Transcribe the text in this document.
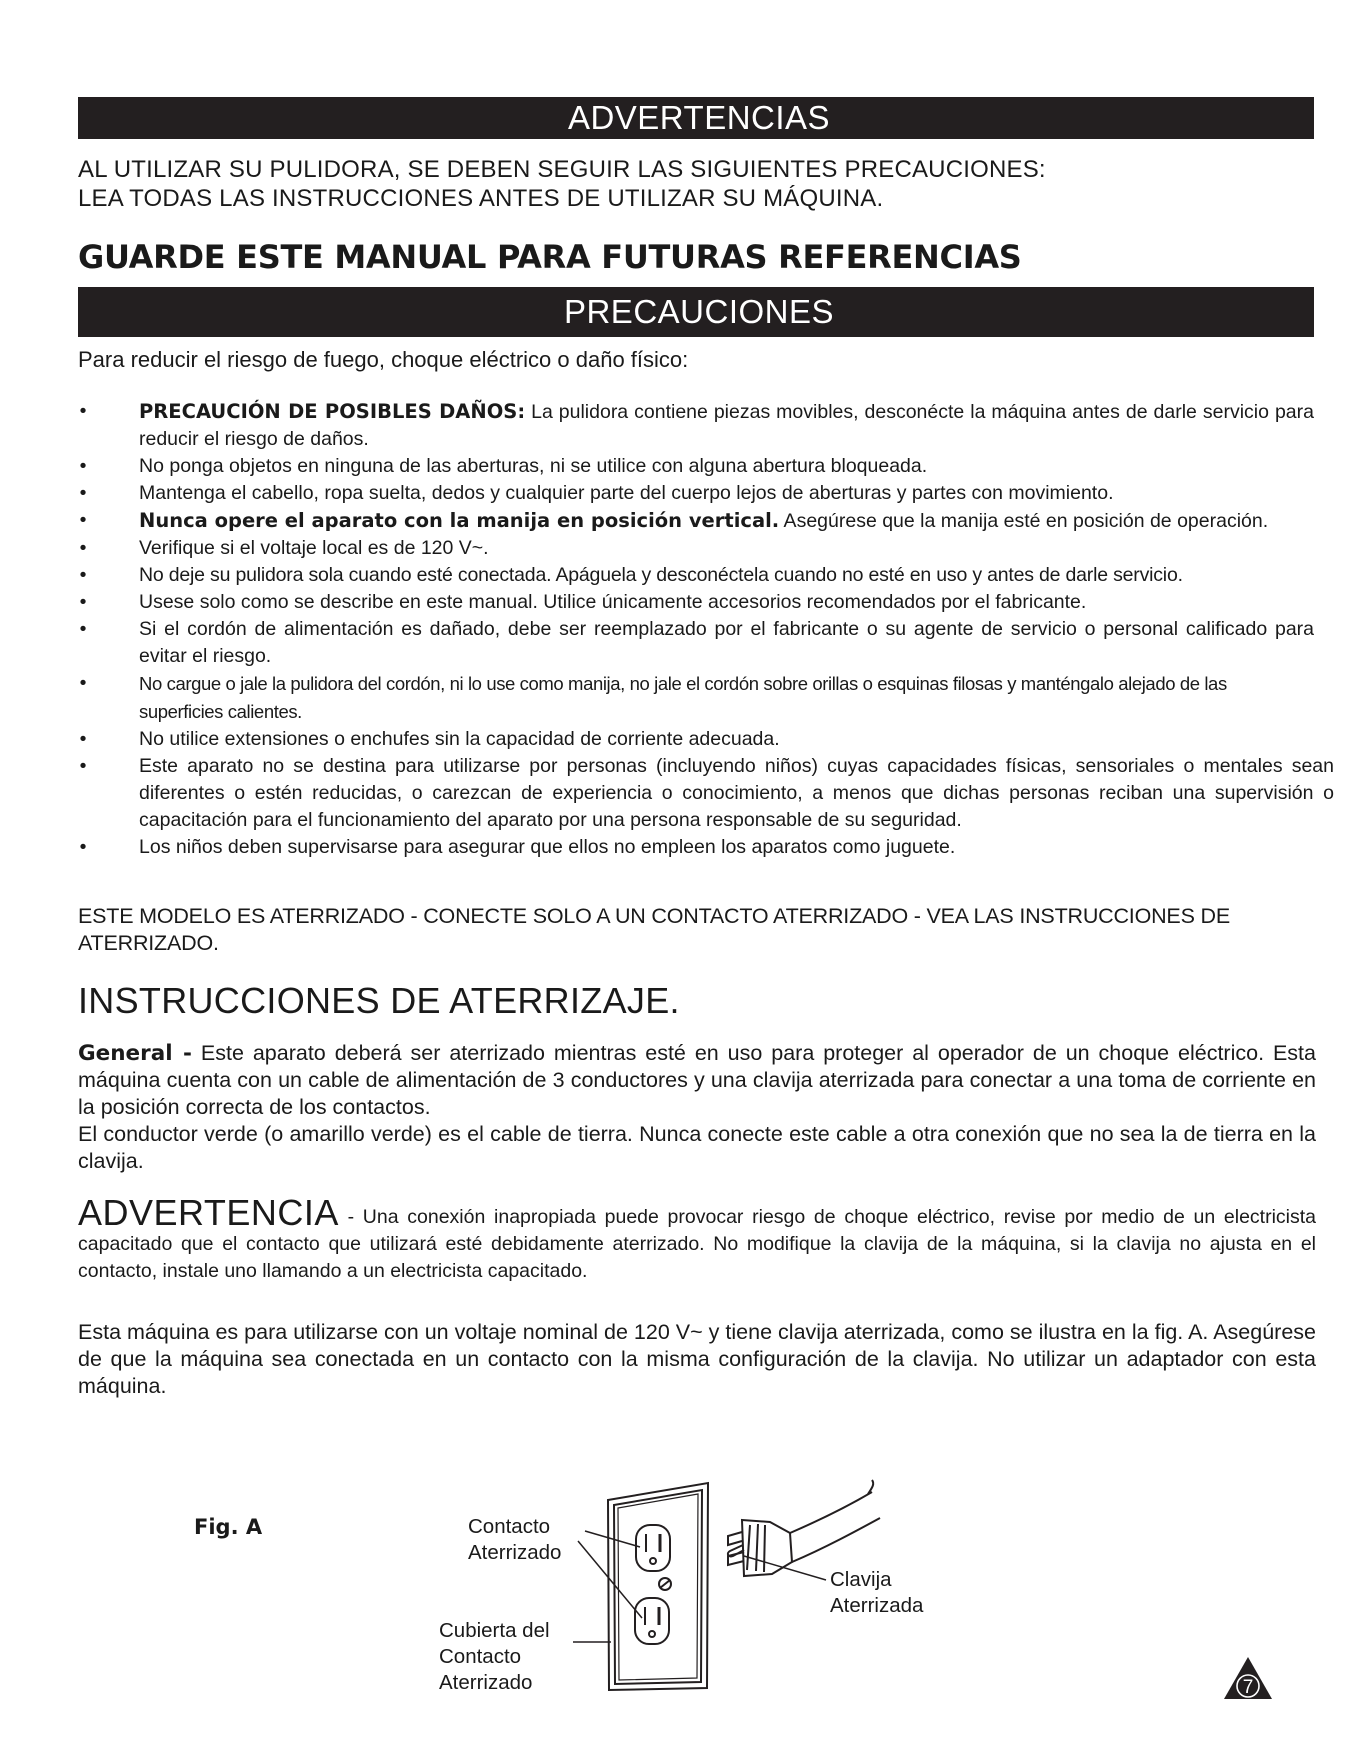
ADVERTENCIAS
AL UTILIZAR SU PULIDORA, SE DEBEN SEGUIR LAS SIGUIENTES PRECAUCIONES:
LEA TODAS LAS INSTRUCCIONES ANTES DE UTILIZAR SU MÁQUINA.
GUARDE ESTE MANUAL PARA FUTURAS REFERENCIAS
PRECAUCIONES
Para reducir el riesgo de fuego, choque eléctrico o daño físico:
•	PRECAUCIÓN DE POSIBLES DAÑOS: La pulidora contiene piezas movibles, desconécte la máquina antes de darle servicio para reducir el riesgo de daños.
•	No ponga objetos en ninguna de las aberturas, ni se utilice con alguna abertura bloqueada.
•	Mantenga el cabello, ropa suelta, dedos y cualquier parte del cuerpo lejos de aberturas y partes con movimiento.
•	Nunca opere el aparato con la manija en posición vertical. Asegúrese que la manija esté en posición de operación.
•	Verifique si el voltaje local es de 120 V~.
•	No deje su pulidora sola cuando esté conectada. Apáguela y desconéctela cuando no esté en uso y antes de darle servicio.
•	Usese solo como se describe en este manual. Utilice únicamente accesorios recomendados por el fabricante.
•	Si el cordón de alimentación es dañado, debe ser reemplazado por el fabricante o su agente de servicio o personal calificado para evitar el riesgo.
•	No cargue o jale la pulidora del cordón, ni lo use como manija, no jale el cordón sobre orillas o esquinas filosas y manténgalo alejado de las superficies calientes.
•	No utilice extensiones o enchufes sin la capacidad de corriente adecuada.
•	Este aparato no se destina para utilizarse por personas (incluyendo niños) cuyas capacidades físicas, sensoriales o mentales sean diferentes o estén reducidas, o carezcan de experiencia o conocimiento, a menos que dichas personas reciban una supervisión o capacitación para el funcionamiento del aparato por una persona responsable de su seguridad.
•	Los niños deben supervisarse para asegurar que ellos no empleen los aparatos como juguete.
ESTE MODELO ES ATERRIZADO - CONECTE SOLO A UN CONTACTO ATERRIZADO - VEA LAS INSTRUCCIONES DE ATERRIZADO.
INSTRUCCIONES DE ATERRIZAJE.
General - Este aparato deberá ser aterrizado mientras esté en uso para proteger al operador de un choque eléctrico. Esta máquina cuenta con un cable de alimentación de 3 conductores y una clavija aterrizada para conectar a una toma de corriente en la posición correcta de los contactos.
El conductor verde (o amarillo verde) es el cable de tierra. Nunca conecte este cable a otra conexión que no sea la de tierra en la clavija.
ADVERTENCIA - Una conexión inapropiada puede provocar riesgo de choque eléctrico, revise por medio de un electricista capacitado que el contacto que utilizará esté debidamente aterrizado. No modifique la clavija de la máquina, si la clavija no ajusta en el contacto, instale uno llamando a un electricista capacitado.
Esta máquina es para utilizarse con un voltaje nominal de 120 V~ y tiene clavija aterrizada, como se ilustra en la fig. A. Asegúrese de que la máquina sea conectada en un contacto con la misma configuración de la clavija. No utilizar un adaptador con esta máquina.
Fig. A	Contacto
Aterrizado
Cubierta del
Contacto
Aterrizado
Clavija
Aterrizada
7
